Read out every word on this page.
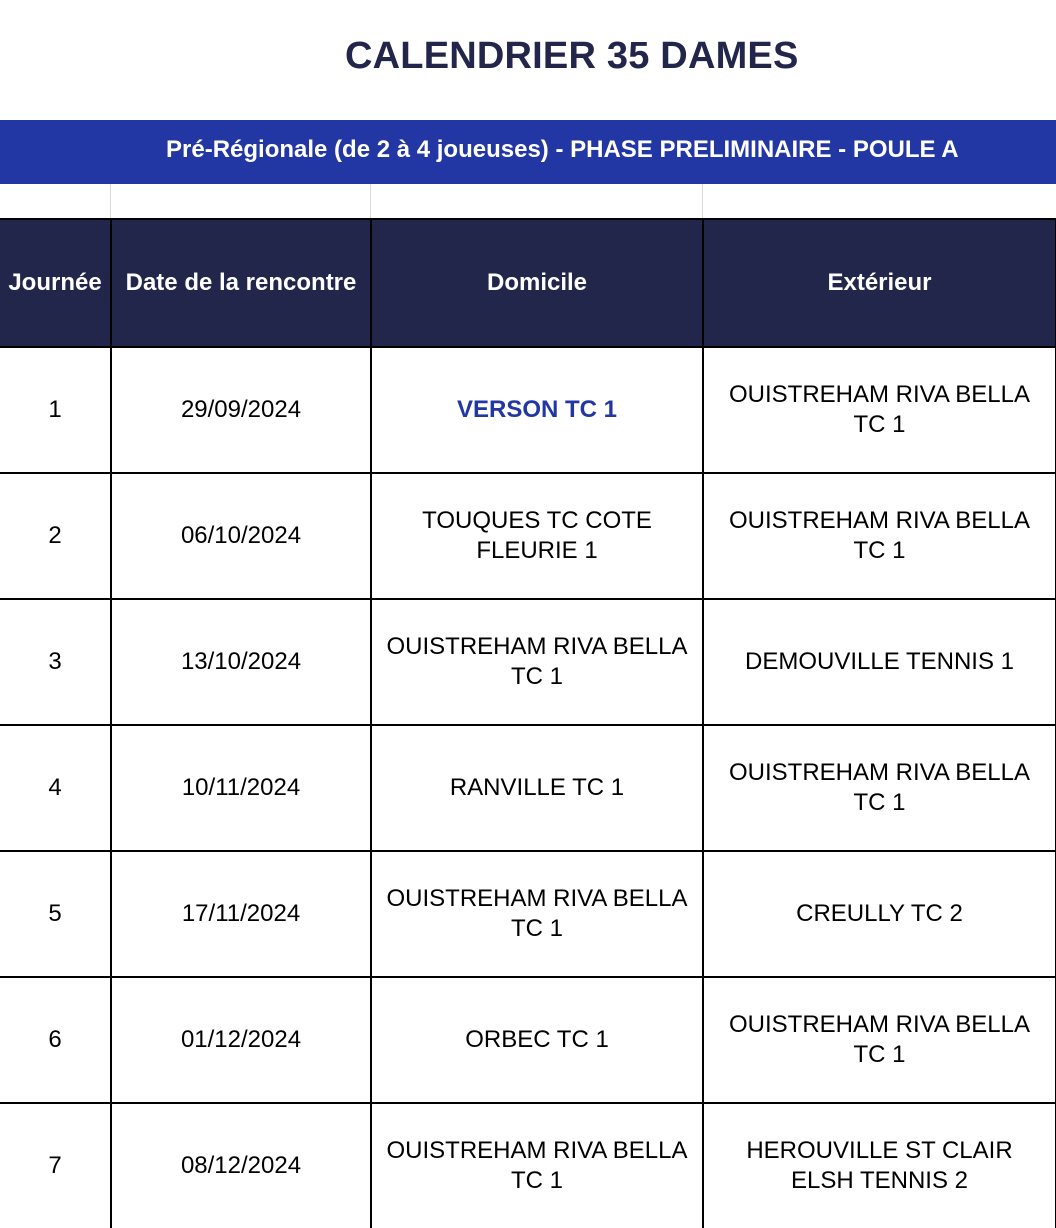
CALENDRIER 35 DAMES
Pré-Régionale (de 2 à 4 joueuses) - PHASE PRELIMINAIRE - POULE A
Journée	Date de la rencontre	Domicile	Extérieur
1	29/09/2024	VERSON TC 1	OUISTREHAM RIVA BELLA TC 1
2	06/10/2024	TOUQUES TC COTE FLEURIE 1	OUISTREHAM RIVA BELLA TC 1
3	13/10/2024	OUISTREHAM RIVA BELLA TC 1	DEMOUVILLE TENNIS 1
4	10/11/2024	RANVILLE TC 1	OUISTREHAM RIVA BELLA TC 1
5	17/11/2024	OUISTREHAM RIVA BELLA TC 1	CREULLY TC 2
6	01/12/2024	ORBEC TC 1	OUISTREHAM RIVA BELLA TC 1
7	08/12/2024	OUISTREHAM RIVA BELLA TC 1	HEROUVILLE ST CLAIR ELSH TENNIS 2
